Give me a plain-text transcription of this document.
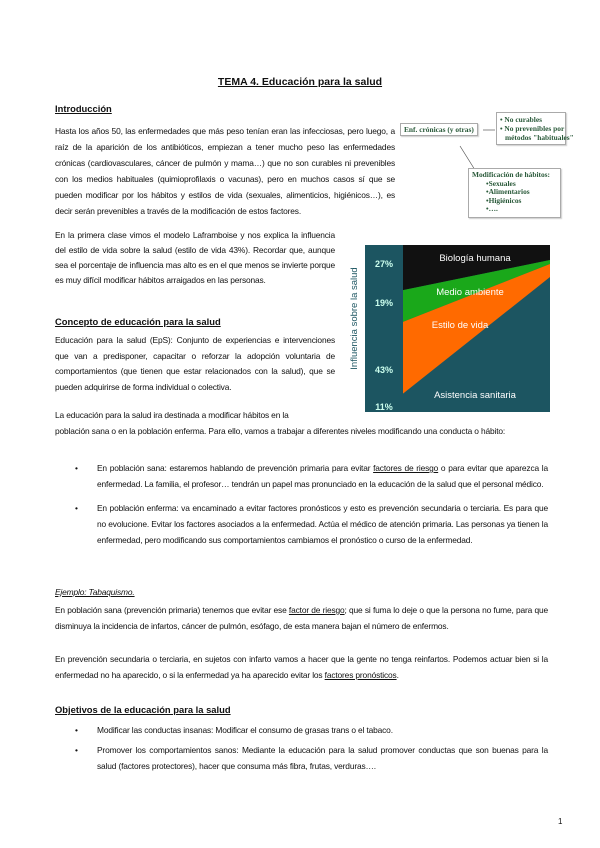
TEMA 4. Educación para la salud
Introducción

Hasta los años 50, las enfermedades que más peso tenían eran las infecciosas, pero luego, a raíz de la aparición de los antibióticos, empiezan a tener mucho peso las enfermedades crónicas (cardiovasculares, cáncer de pulmón y mama…) que no son curables ni prevenibles con los medios habituales (quimioprofilaxis o vacunas), pero en muchos casos sí que se pueden modificar por los hábitos y estilos de vida (sexuales, alimenticios, higiénicos…), es decir serán prevenibles a través de la modificación de estos factores.

En la primera clase vimos el modelo Laframboise y nos explica la influencia del estilo de vida sobre la salud (estilo de vida 43%). Recordar que, aunque sea el porcentaje de influencia mas alto es en el que menos se invierte porque es muy difícil modificar hábitos arraigados en las personas.

Enf. crónicas (y otras)
• No curables
• No prevenibles por
métodos "habituales"
Modificación de hábitos:
•Sexuales
•Alimentarios
•Higiénicos
•….
Biología humana
Medio ambiente
Estilo de vida
Asistencia sanitaria
27%
19%
43%
11%
Influencia sobre la salud
Concepto de educación para la salud

Educación para la salud (EpS): Conjunto de experiencias e intervenciones que van a predisponer, capacitar o reforzar la adopción voluntaria de comportamientos (que tienen que estar relacionados con la salud), que se pueden adquirirse de forma individual o colectiva.

La educación para la salud ira destinada a modificar hábitos en la

población sana o en la población enferma. Para ello, vamos a trabajar a diferentes niveles modificando una conducta o hábito:

• En población sana: estaremos hablando de prevención primaria para evitar factores de riesgo o para evitar que aparezca la enfermedad. La familia, el profesor… tendrán un papel mas pronunciado en la educación de la salud que el personal médico.
• En población enferma: va encaminado a evitar factores pronósticos y esto es prevención secundaria o terciaria. Es para que no evolucione. Evitar los factores asociados a la enfermedad. Actúa el médico de atención primaria. Las personas ya tienen la enfermedad, pero modificando sus comportamientos cambiamos el pronóstico o curso de la enfermedad.
Ejemplo: Tabaquismo.

En población sana (prevención primaria) tenemos que evitar ese factor de riesgo; que si fuma lo deje o que la persona no fume, para que disminuya la incidencia de infartos, cáncer de pulmón, esófago, de esta manera bajan el número de enfermos.

En prevención secundaria o terciaria, en sujetos con infarto vamos a hacer que la gente no tenga reinfartos. Podemos actuar bien si la enfermedad no ha aparecido, o si la enfermedad ya ha aparecido evitar los factores pronósticos.

Objetivos de la educación para la salud
• Modificar las conductas insanas: Modificar el consumo de grasas trans o el tabaco.
• Promover los comportamientos sanos: Mediante la educación para la salud promover conductas que son buenas para la salud (factores protectores), hacer que consuma más fibra, frutas, verduras….
1
